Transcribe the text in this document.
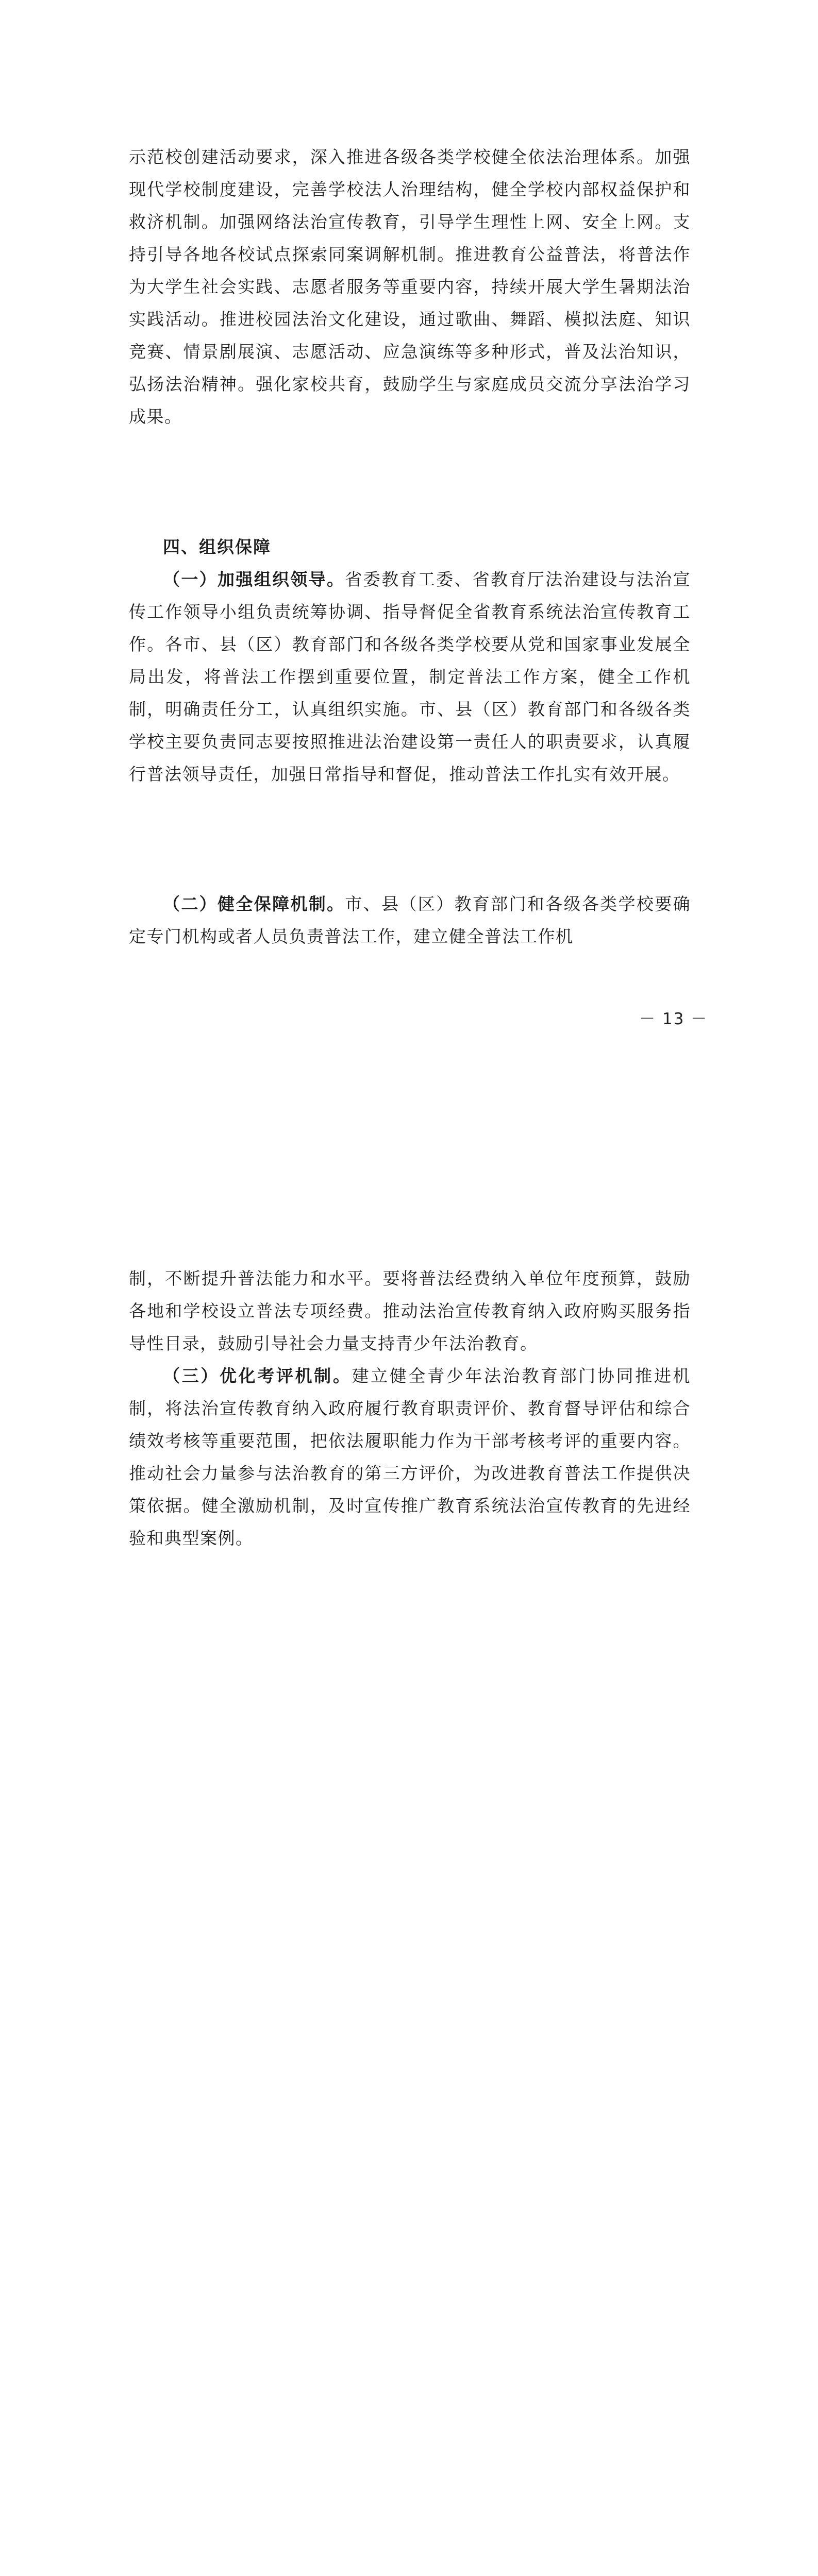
示范校创建活动要求，深入推进各级各类学校健全依法治理体系。加强现代学校制度建设，完善学校法人治理结构，健全学校内部权益保护和救济机制。加强网络法治宣传教育，引导学生理性上网、安全上网。支持引导各地各校试点探索同案调解机制。推进教育公益普法，将普法作为大学生社会实践、志愿者服务等重要内容，持续开展大学生暑期法治实践活动。推进校园法治文化建设，通过歌曲、舞蹈、模拟法庭、知识竞赛、情景剧展演、志愿活动、应急演练等多种形式，普及法治知识，弘扬法治精神。强化家校共育，鼓励学生与家庭成员交流分享法治学习成果。

四、组织保障

（一）加强组织领导。省委教育工委、省教育厅法治建设与法治宣传工作领导小组负责统筹协调、指导督促全省教育系统法治宣传教育工作。各市、县（区）教育部门和各级各类学校要从党和国家事业发展全局出发，将普法工作摆到重要位置，制定普法工作方案，健全工作机制，明确责任分工，认真组织实施。市、县（区）教育部门和各级各类学校主要负责同志要按照推进法治建设第一责任人的职责要求，认真履行普法领导责任，加强日常指导和督促，推动普法工作扎实有效开展。

（二）健全保障机制。市、县（区）教育部门和各级各类学校要确定专门机构或者人员负责普法工作，建立健全普法工作机

－ 13 －

制，不断提升普法能力和水平。要将普法经费纳入单位年度预算，鼓励各地和学校设立普法专项经费。推动法治宣传教育纳入政府购买服务指导性目录，鼓励引导社会力量支持青少年法治教育。

（三）优化考评机制。建立健全青少年法治教育部门协同推进机制，将法治宣传教育纳入政府履行教育职责评价、教育督导评估和综合绩效考核等重要范围，把依法履职能力作为干部考核考评的重要内容。推动社会力量参与法治教育的第三方评价，为改进教育普法工作提供决策依据。健全激励机制，及时宣传推广教育系统法治宣传教育的先进经验和典型案例。
